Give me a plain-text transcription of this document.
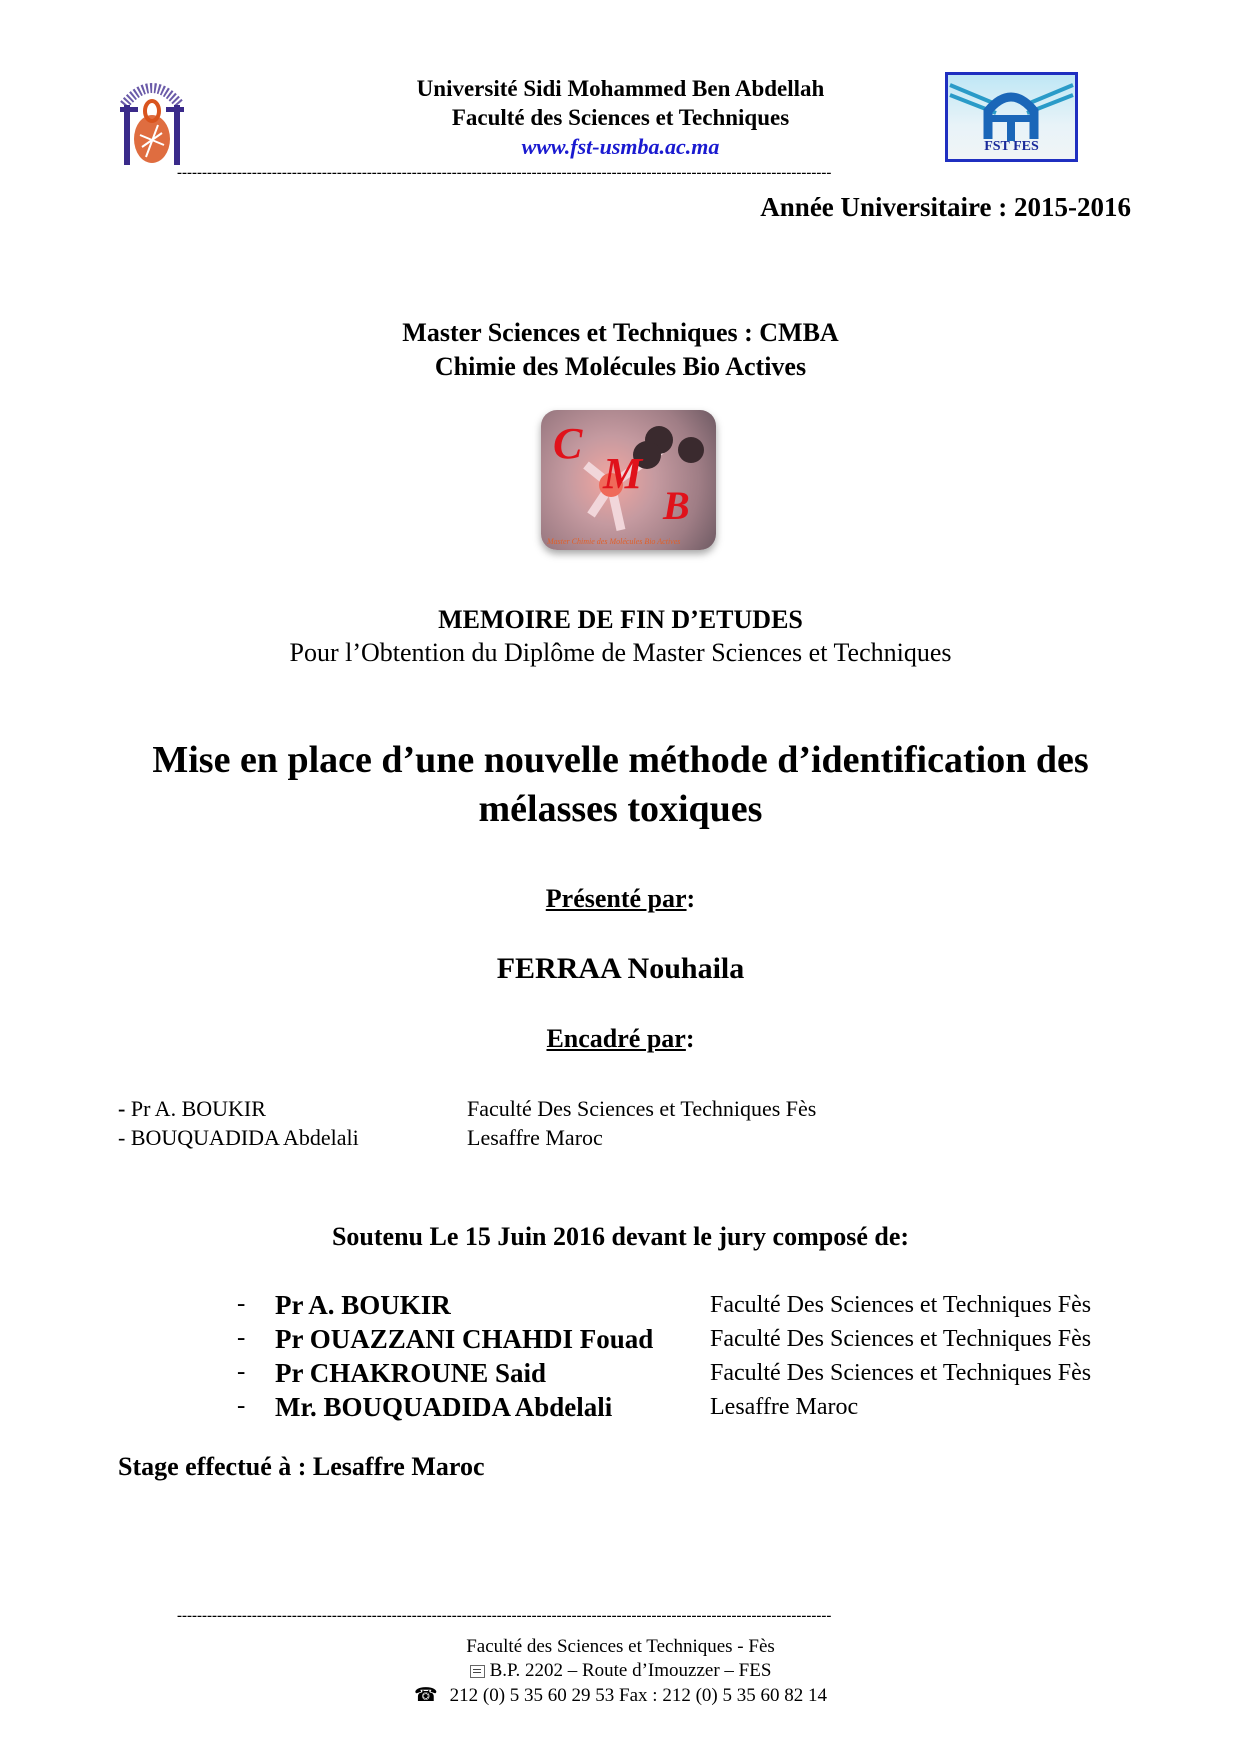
Université Sidi Mohammed Ben Abdellah
Faculté des Sciences et Techniques
www.fst-usmba.ac.ma	FST FES
-----------------------------------------------------------------------------------------------------------------------------------
Année Universitaire : 2015-2016
Master Sciences et Techniques : CMBA
Chimie des Molécules Bio Actives
C
M
B
Master Chimie des Molécules Bio Actives
MEMOIRE DE FIN D’ETUDES
Pour l’Obtention du Diplôme de Master Sciences et Techniques
Mise en place d’une nouvelle méthode d’identification des
mélasses toxiques
Présenté par:
FERRAA Nouhaila
Encadré par:
- Pr A. BOUKIR	Faculté Des Sciences et Techniques Fès
- BOUQUADIDA Abdelali	Lesaffre Maroc
Soutenu Le 15 Juin 2016 devant le jury composé de:
- Pr A. BOUKIR	Faculté Des Sciences et Techniques Fès
- Pr OUAZZANI CHAHDI Fouad Faculté Des Sciences et Techniques Fès
- Pr CHAKROUNE Said	Faculté Des Sciences et Techniques Fès
- Mr. BOUQUADIDA Abdelali	Lesaffre Maroc
Stage effectué à : Lesaffre Maroc
-----------------------------------------------------------------------------------------------------------------------------------
Faculté des Sciences et Techniques - Fès
B.P. 2202 – Route d’Imouzzer – FES
☎ 212 (0) 5 35 60 29 53 Fax : 212 (0) 5 35 60 82 14
